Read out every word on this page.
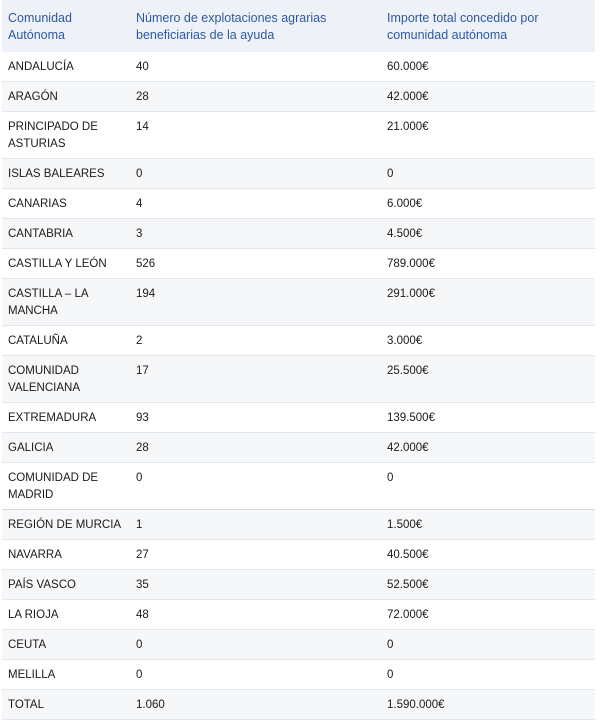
Comunidad Autónoma	Número de explotaciones agrarias beneficiarias de la ayuda	Importe total concedido por comunidad autónoma
ANDALUCÍA	40	60.000€
ARAGÓN	28	42.000€
PRINCIPADO DE ASTURIAS	14	21.000€
ISLAS BALEARES	0	0
CANARIAS	4	6.000€
CANTABRIA	3	4.500€
CASTILLA Y LEÓN	526	789.000€
CASTILLA – LA MANCHA	194	291.000€
CATALUÑA	2	3.000€
COMUNIDAD VALENCIANA	17	25.500€
EXTREMADURA	93	139.500€
GALICIA	28	42.000€
COMUNIDAD DE MADRID	0	0
REGIÓN DE MURCIA	1	1.500€
NAVARRA	27	40.500€
PAÍS VASCO	35	52.500€
LA RIOJA	48	72.000€
CEUTA	0	0
MELILLA	0	0
TOTAL	1.060	1.590.000€
